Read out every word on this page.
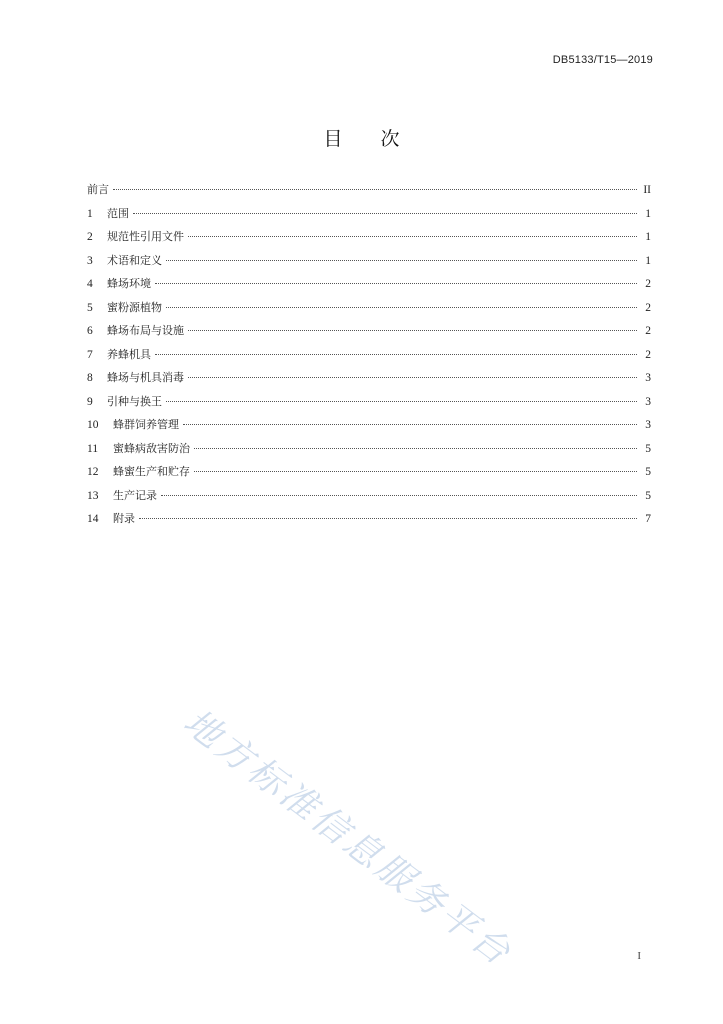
DB5133/T15—2019
目 次
前言	II
1	范围	1
2	规范性引用文件	1
3	术语和定义	1
4	蜂场环境	2
5	蜜粉源植物	2
6	蜂场布局与设施	2
7	养蜂机具	2
8	蜂场与机具消毒	3
9	引种与换王	3
10	蜂群饲养管理	3
11	蜜蜂病敌害防治	5
12	蜂蜜生产和贮存	5
13	生产记录	5
14	附录	7
地方标准信息服务平台	I
